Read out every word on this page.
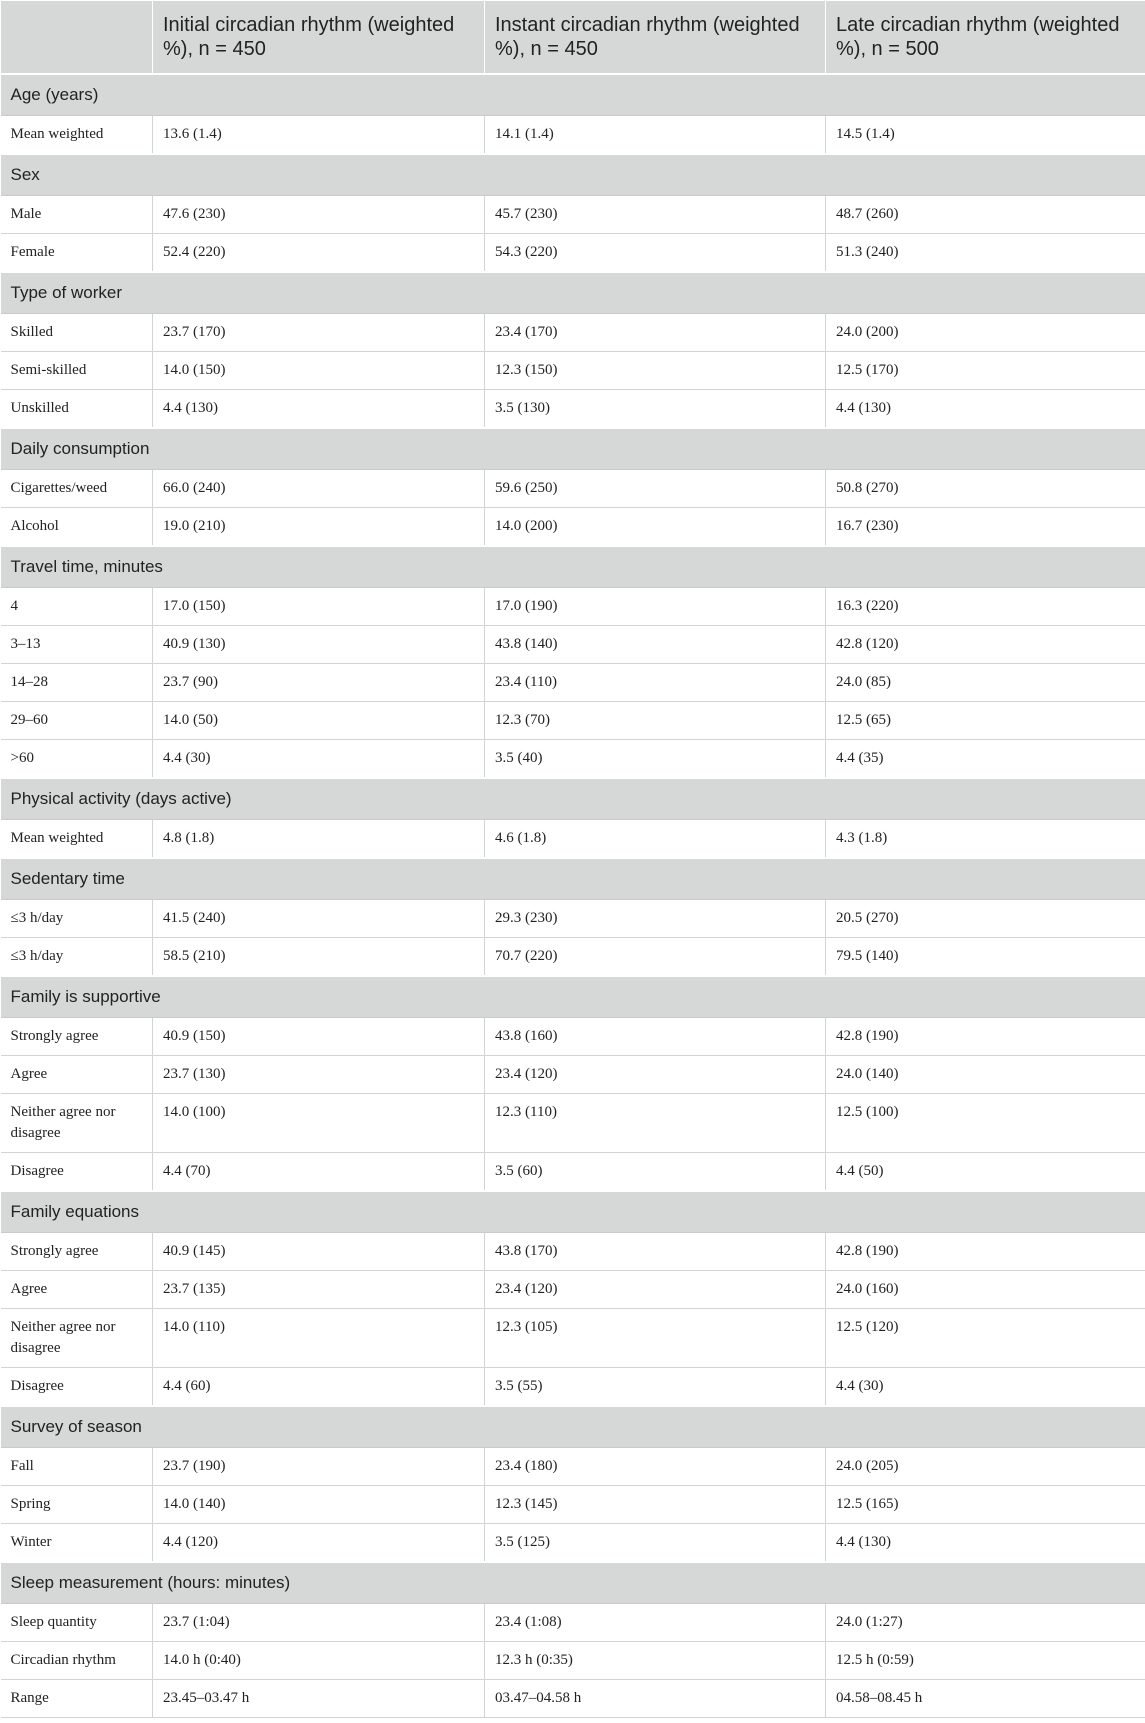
	Initial circadian rhythm (weighted %), n = 450	Instant circadian rhythm (weighted %), n = 450	Late circadian rhythm (weighted %), n = 500
Age (years)			
Mean weighted	13.6 (1.4)	14.1 (1.4)	14.5 (1.4)
Sex			
Male	47.6 (230)	45.7 (230)	48.7 (260)
Female	52.4 (220)	54.3 (220)	51.3 (240)
Type of worker			
Skilled	23.7 (170)	23.4 (170)	24.0 (200)
Semi-skilled	14.0 (150)	12.3 (150)	12.5 (170)
Unskilled	4.4 (130)	3.5 (130)	4.4 (130)
Daily consumption			
Cigarettes/weed	66.0 (240)	59.6 (250)	50.8 (270)
Alcohol	19.0 (210)	14.0 (200)	16.7 (230)
Travel time, minutes			
4	17.0 (150)	17.0 (190)	16.3 (220)
3–13	40.9 (130)	43.8 (140)	42.8 (120)
14–28	23.7 (90)	23.4 (110)	24.0 (85)
29–60	14.0 (50)	12.3 (70)	12.5 (65)
>60	4.4 (30)	3.5 (40)	4.4 (35)
Physical activity (days active)			
Mean weighted	4.8 (1.8)	4.6 (1.8)	4.3 (1.8)
Sedentary time			
≤3 h/day	41.5 (240)	29.3 (230)	20.5 (270)
≤3 h/day	58.5 (210)	70.7 (220)	79.5 (140)
Family is supportive			
Strongly agree	40.9 (150)	43.8 (160)	42.8 (190)
Agree	23.7 (130)	23.4 (120)	24.0 (140)
Neither agree nor disagree	14.0 (100)	12.3 (110)	12.5 (100)
Disagree	4.4 (70)	3.5 (60)	4.4 (50)
Family equations			
Strongly agree	40.9 (145)	43.8 (170)	42.8 (190)
Agree	23.7 (135)	23.4 (120)	24.0 (160)
Neither agree nor disagree	14.0 (110)	12.3 (105)	12.5 (120)
Disagree	4.4 (60)	3.5 (55)	4.4 (30)
Survey of season			
Fall	23.7 (190)	23.4 (180)	24.0 (205)
Spring	14.0 (140)	12.3 (145)	12.5 (165)
Winter	4.4 (120)	3.5 (125)	4.4 (130)
Sleep measurement (hours: minutes)			
Sleep quantity	23.7 (1:04)	23.4 (1:08)	24.0 (1:27)
Circadian rhythm	14.0 h (0:40)	12.3 h (0:35)	12.5 h (0:59)
Range	23.45–03.47 h	03.47–04.58 h	04.58–08.45 h
